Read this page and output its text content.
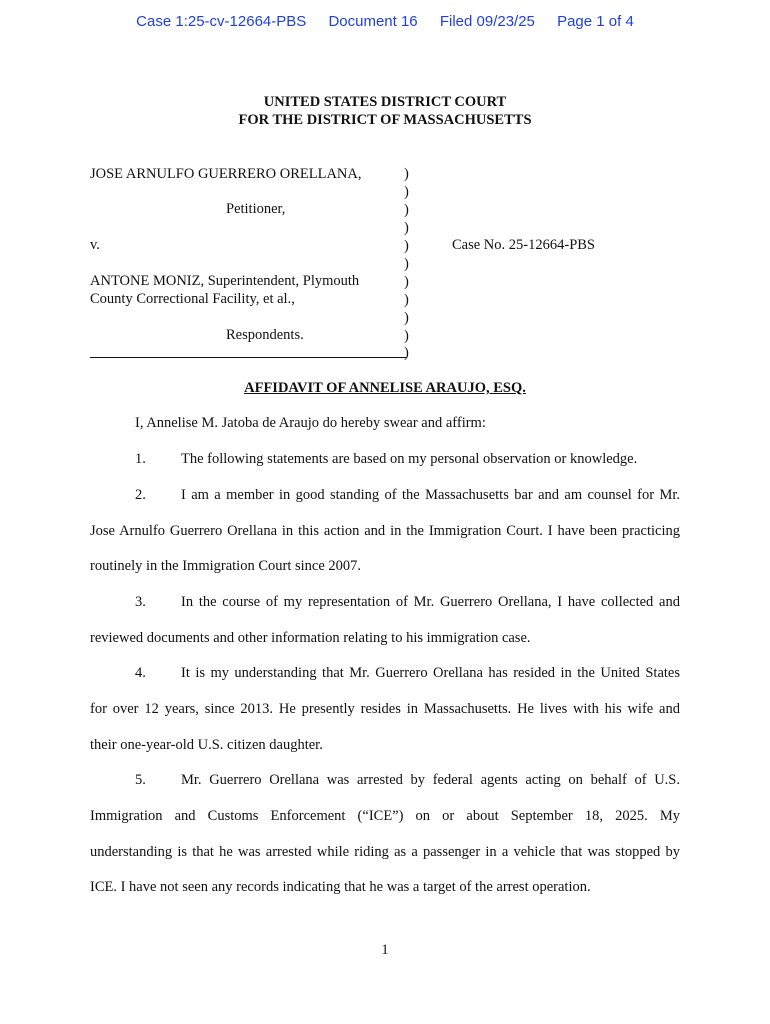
Case 1:25-cv-12664-PBS Document 16 Filed 09/23/25 Page 1 of 4
UNITED STATES DISTRICT COURT
FOR THE DISTRICT OF MASSACHUSETTS
JOSE ARNULFO GUERRERO ORELLANA,
Petitioner,
v.
ANTONE MONIZ, Superintendent, Plymouth
County Correctional Facility, et al.,
Respondents.
Case No. 25-12664-PBS
)
)
)
)
)
)
)
)
)
)
)
AFFIDAVIT OF ANNELISE ARAUJO, ESQ.
I, Annelise M. Jatoba de Araujo do hereby swear and affirm:
1. The following statements are based on my personal observation or knowledge.
2. I am a member in good standing of the Massachusetts bar and am counsel for Mr.
Jose Arnulfo Guerrero Orellana in this action and in the Immigration Court. I have been practicing
routinely in the Immigration Court since 2007.
3. In the course of my representation of Mr. Guerrero Orellana, I have collected and
reviewed documents and other information relating to his immigration case.
4. It is my understanding that Mr. Guerrero Orellana has resided in the United States
for over 12 years, since 2013. He presently resides in Massachusetts. He lives with his wife and
their one-year-old U.S. citizen daughter.
5. Mr. Guerrero Orellana was arrested by federal agents acting on behalf of U.S.
Immigration and Customs Enforcement (“ICE”) on or about September 18, 2025. My
understanding is that he was arrested while riding as a passenger in a vehicle that was stopped by
ICE. I have not seen any records indicating that he was a target of the arrest operation.
1
